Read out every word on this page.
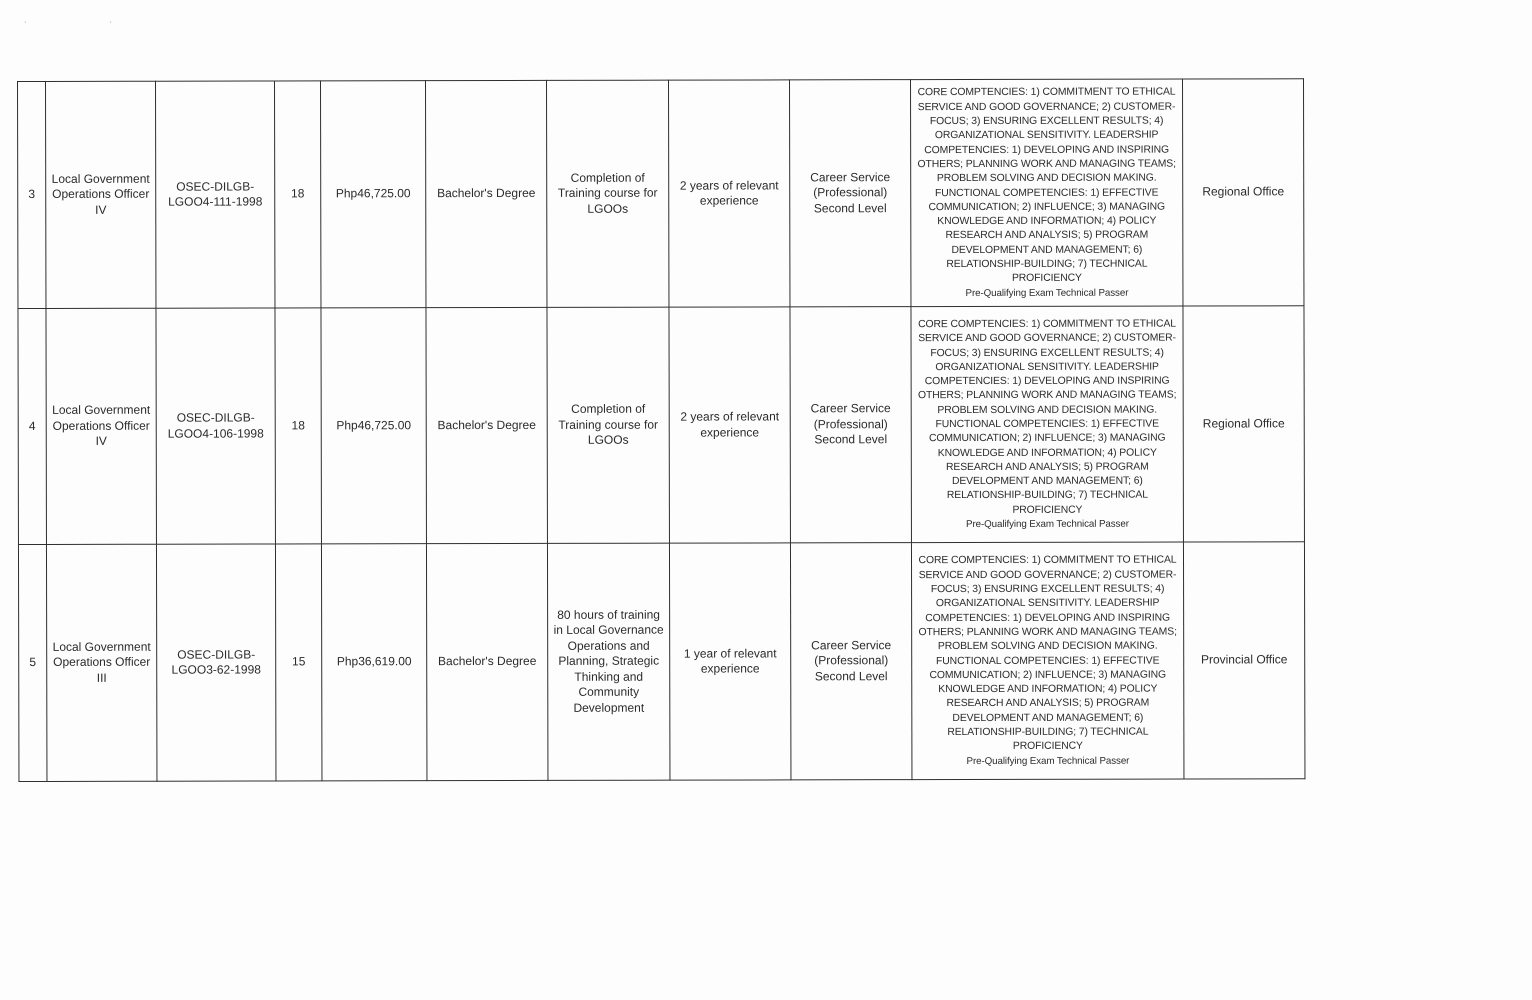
· ·
3	Local Government Operations Officer IV	OSEC-DILGB-LGOO4-111-1998	18	Php46,725.00	Bachelor's Degree	Completion of Training course for LGOOs	2 years of relevant experience	Career Service (Professional) Second Level	CORE COMPTENCIES: 1) COMMITMENT TO ETHICAL SERVICE AND GOOD GOVERNANCE; 2) CUSTOMER-FOCUS; 3) ENSURING EXCELLENT RESULTS; 4) ORGANIZATIONAL SENSITIVITY. LEADERSHIP COMPETENCIES: 1) DEVELOPING AND INSPIRING OTHERS; PLANNING WORK AND MANAGING TEAMS; PROBLEM SOLVING AND DECISION MAKING. FUNCTIONAL COMPETENCIES: 1) EFFECTIVE COMMUNICATION; 2) INFLUENCE; 3) MANAGING KNOWLEDGE AND INFORMATION; 4) POLICY RESEARCH AND ANALYSIS; 5) PROGRAM DEVELOPMENT AND MANAGEMENT; 6) RELATIONSHIP-BUILDING; 7) TECHNICAL PROFICIENCY
Pre-Qualifying Exam Technical Passer	Regional Office
4	Local Government Operations Officer IV	OSEC-DILGB-LGOO4-106-1998	18	Php46,725.00	Bachelor's Degree	Completion of Training course for LGOOs	2 years of relevant experience	Career Service (Professional) Second Level	CORE COMPTENCIES: 1) COMMITMENT TO ETHICAL SERVICE AND GOOD GOVERNANCE; 2) CUSTOMER-FOCUS; 3) ENSURING EXCELLENT RESULTS; 4) ORGANIZATIONAL SENSITIVITY. LEADERSHIP COMPETENCIES: 1) DEVELOPING AND INSPIRING OTHERS; PLANNING WORK AND MANAGING TEAMS; PROBLEM SOLVING AND DECISION MAKING. FUNCTIONAL COMPETENCIES: 1) EFFECTIVE COMMUNICATION; 2) INFLUENCE; 3) MANAGING KNOWLEDGE AND INFORMATION; 4) POLICY RESEARCH AND ANALYSIS; 5) PROGRAM DEVELOPMENT AND MANAGEMENT; 6) RELATIONSHIP-BUILDING; 7) TECHNICAL PROFICIENCY
Pre-Qualifying Exam Technical Passer	Regional Office
5	Local Government Operations Officer III	OSEC-DILGB-LGOO3-62-1998	15	Php36,619.00	Bachelor's Degree	80 hours of training in Local Governance Operations and Planning, Strategic Thinking and Community Development	1 year of relevant experience	Career Service (Professional) Second Level	CORE COMPTENCIES: 1) COMMITMENT TO ETHICAL SERVICE AND GOOD GOVERNANCE; 2) CUSTOMER-FOCUS; 3) ENSURING EXCELLENT RESULTS; 4) ORGANIZATIONAL SENSITIVITY. LEADERSHIP COMPETENCIES: 1) DEVELOPING AND INSPIRING OTHERS; PLANNING WORK AND MANAGING TEAMS; PROBLEM SOLVING AND DECISION MAKING. FUNCTIONAL COMPETENCIES: 1) EFFECTIVE COMMUNICATION; 2) INFLUENCE; 3) MANAGING KNOWLEDGE AND INFORMATION; 4) POLICY RESEARCH AND ANALYSIS; 5) PROGRAM DEVELOPMENT AND MANAGEMENT; 6) RELATIONSHIP-BUILDING; 7) TECHNICAL PROFICIENCY
Pre-Qualifying Exam Technical Passer	Provincial Office
